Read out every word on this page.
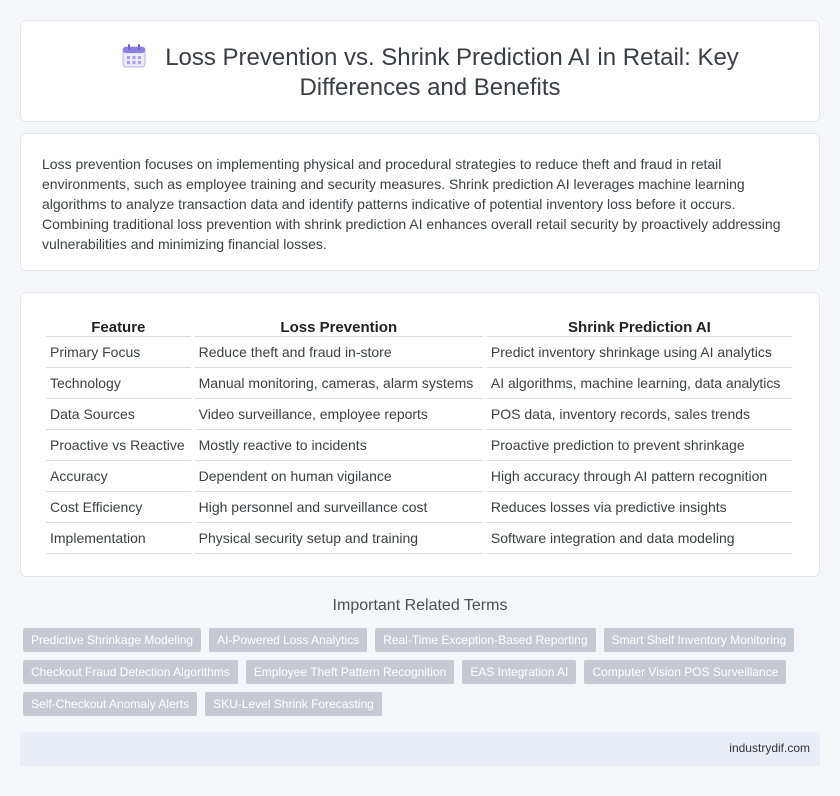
Loss Prevention vs. Shrink Prediction AI in Retail: Key Differences and Benefits

Loss prevention focuses on implementing physical and procedural strategies to reduce theft and fraud in retail environments, such as employee training and security measures. Shrink prediction AI leverages machine learning algorithms to analyze transaction data and identify patterns indicative of potential inventory loss before it occurs. Combining traditional loss prevention with shrink prediction AI enhances overall retail security by proactively addressing vulnerabilities and minimizing financial losses.

Feature	Loss Prevention	Shrink Prediction AI
Primary Focus	Reduce theft and fraud in-store	Predict inventory shrinkage using AI analytics
Technology	Manual monitoring, cameras, alarm systems	AI algorithms, machine learning, data analytics
Data Sources	Video surveillance, employee reports	POS data, inventory records, sales trends
Proactive vs Reactive	Mostly reactive to incidents	Proactive prediction to prevent shrinkage
Accuracy	Dependent on human vigilance	High accuracy through AI pattern recognition
Cost Efficiency	High personnel and surveillance cost	Reduces losses via predictive insights
Implementation	Physical security setup and training	Software integration and data modeling
Important Related Terms
Predictive Shrinkage Modeling	AI-Powered Loss Analytics	Real-Time Exception-Based Reporting	Smart Shelf Inventory Monitoring
Checkout Fraud Detection Algorithms	Employee Theft Pattern Recognition	EAS Integration AI	Computer Vision POS Surveillance
Self-Checkout Anomaly Alerts	SKU-Level Shrink Forecasting
industrydif.com
